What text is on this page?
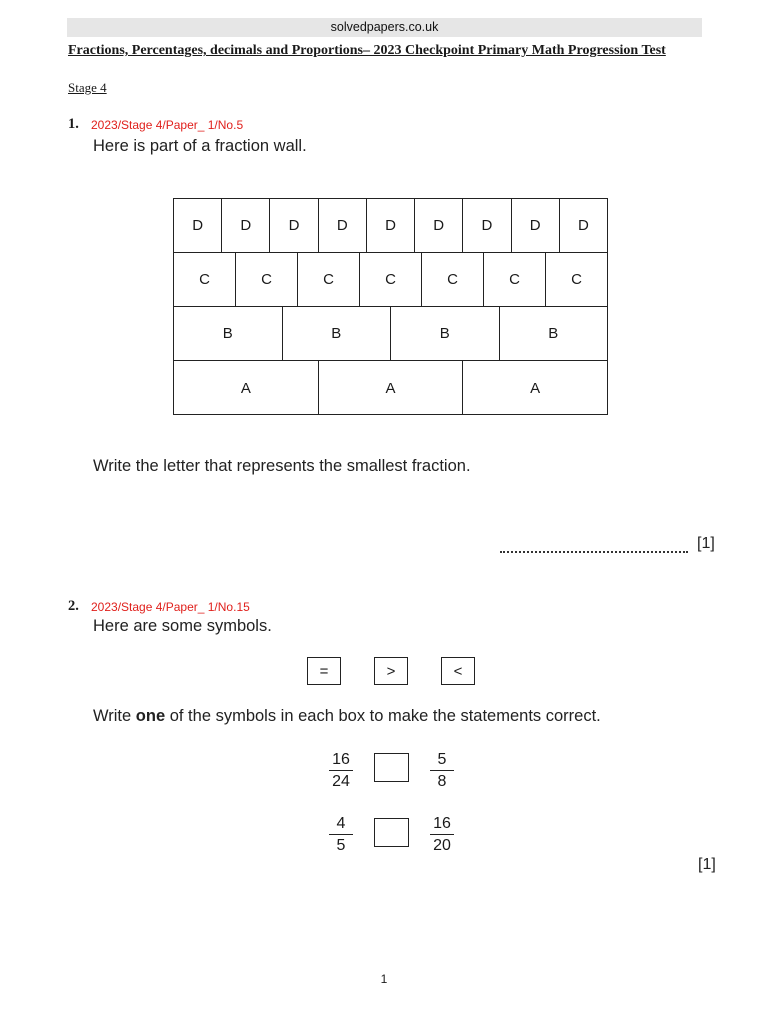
solvedpapers.co.uk
Fractions, Percentages, decimals and Proportions– 2023 Checkpoint Primary Math Progression Test
Stage 4
1. 2023/Stage 4/Paper_ 1/No.5
Here is part of a fraction wall.
D	D	D	D	D	D	D	D	D
C	C	C	C	C	C	C
B	B	B	B
A	A	A
Write the letter that represents the smallest fraction.
[1]
2. 2023/Stage 4/Paper_ 1/No.15
Here are some symbols.
=	>	<
Write one of the symbols in each box to make the statements correct.
16
24
5
8
4
5
16
20
[1]
1
